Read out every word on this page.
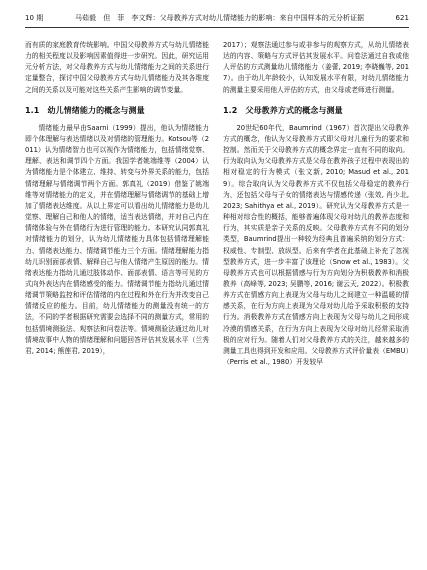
10 期	马茹毅　但　菲　李文辉：父母教养方式对幼儿情绪能力的影响：来自中国样本的元分析证据	621

而有质的家庭教育传统影响。中国父母教养方式与幼儿情绪能力的相关程度以及影响因素值得进一步研究。因此，研究运用元分析方法，对父母教养方式与幼儿情绪能力之间的关系进行定量整合，探讨中国父母教养方式与幼儿情绪能力及其各维度之间的关系以及可能对这些关系产生影响的调节变量。

1.1 幼儿情绪能力的概念与测量

情绪能力最早由Saarni（1999）提出，他认为情绪能力即个体理解与表达情绪以及对情绪的管理能力。Kotsou等（2011）认为情绪智力也可以视作为情绪能力，包括情绪觉察、理解、表达和调节四个方面。我国学者姚端维等（2004）认为情绪能力是个体建立、维持、转变与外界关系的能力，包括情绪理解与情绪调节两个方面。郭真礼（2019）借鉴了姚端维等对情绪能力的定义，并在情绪理解与情绪调节的基础上增加了情绪表达维度。从以上界定可以看出幼儿情绪能力是幼儿觉察、理解自己和他人的情绪，适当表达情绪，并对自己内在情绪体验与外在情绪行为进行管理的能力。本研究认同郭真礼对情绪能力的划分，认为幼儿情绪能力具体包括情绪理解能力、情绪表达能力、情绪调节能力三个方面。情绪理解能力指幼儿识别面部表情、解释自己与他人情绪产生原因的能力。情绪表达能力指幼儿通过肢体动作、面部表情、语言等可见的方式向外表达内在情绪感受的能力。情绪调节能力指幼儿通过情绪调节策略监控和评估情绪的内在过程和外在行为并改变自己情绪反应的能力。目前，幼儿情绪能力的测量没有统一的方法，不同的学者根据研究需要会选择不同的测量方式，常用的包括情境测验法、观察法和问卷法等。情境测验法通过幼儿对情境故事中人物的情绪理解和问题回答评估其发展水平（兰秀君, 2014; 熊莲君, 2019），

2017）；观察法通过参与或非参与的观察方式，从幼儿情绪表达的内容、策略与方式评估其发展水平。问卷法通过自我或他人评估的方式测量幼儿情绪能力（姜蕾, 2019; 李晓巍等, 2017）。由于幼儿年龄较小，认知发展水平有限，对幼儿情绪能力的测量主要采用他人评估的方式，由父母或老师进行测量。

1.2 父母教养方式的概念与测量

20世纪60年代，Baumrind（1967）首次提出父母教养方式的概念，他认为父母教养方式即父母对儿童行为的要求和控制。然而关于父母教养方式的概念界定一直有不同的取向。行为取向认为父母教养方式是父母在教养孩子过程中表现出的相对稳定的行为模式（张文新, 2010; Masud et al., 2019）。综合取向认为父母教养方式不仅包括父母稳定的教养行为，还包括父母与子女的情绪表达与情感传递（张效, 肖少北, 2023; Sahithya et al., 2019）。研究认为父母教养方式是一种相对综合性的概括，能够普遍体现父母对幼儿的教养态度和行为，其实质是亲子关系的反映。父母教养方式有不同的划分类型，Baumrind提出一种较为经典且普遍采纳的划分方式：权威性、专制型、放纵型。后来有学者在此基础上补充了忽视型教养方式，进一步丰富了该理论（Snow et al., 1983）。父母教养方式也可以根据情感与行为方向划分为积极教养和消极教养（高峰等, 2023; 吴鹏等, 2016; 谢云天, 2022）。积极教养方式在情感方向上表现为父母与幼儿之间建立一种温暖的情感关系，在行为方向上表现为父母对幼儿给予采取积极的支持行为。消极教养方式在情感方向上表现为父母与幼儿之间形成冷漠的情感关系，在行为方向上表现为父母对幼儿经常采取消极的应对行为。随着人们对父母教养方式的关注，越来越多的测量工具也得到开发和应用。父母教养方式评价量表（EMBU）（Perris et al., 1980）开发较早
